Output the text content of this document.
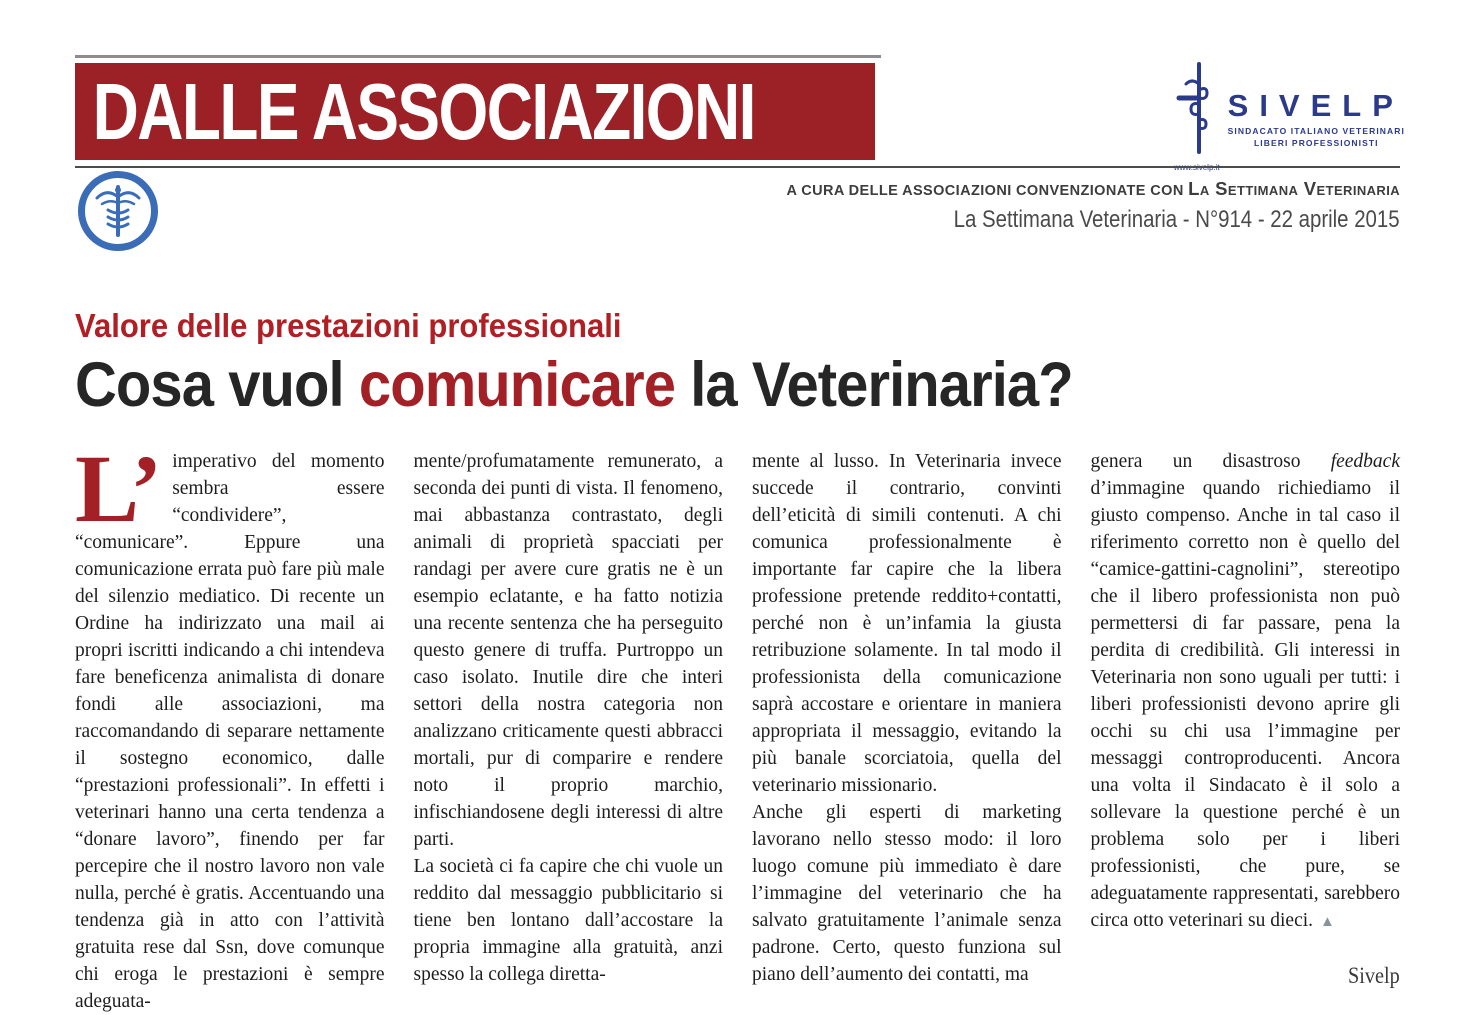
DALLE ASSOCIAZIONI	SIVELP
SINDACATO ITALIANO VETERINARI
LIBERI PROFESSIONISTI
A CURA DELLE ASSOCIAZIONI CONVENZIONATE CON La Settimana Veterinaria
La Settimana Veterinaria - N°914 - 22 aprile 2015
Valore delle prestazioni professionali
Cosa vuol comunicare la Veterinaria?
L’ imperativo del momento sembra essere “condividere”, “comunicare”. Eppure una comunicazione errata può fare più male del silenzio mediatico. Di recente un Ordine ha indirizzato una mail ai propri iscritti indicando a chi intendeva fare beneficenza animalista di donare fondi alle associazioni, ma raccomandando di separare nettamente il sostegno economico, dalle “prestazioni professionali”. In effetti i veterinari hanno una certa tendenza a “donare lavoro”, finendo per far percepire che il nostro lavoro non vale nulla, perché è gratis. Accentuando una tendenza già in atto con l’attività gratuita rese dal Ssn, dove comunque chi eroga le prestazioni è sempre adeguata-

mente/profumatamente remunerato, a seconda dei punti di vista. Il fenomeno, mai abbastanza contrastato, degli animali di proprietà spacciati per randagi per avere cure gratis ne è un esempio eclatante, e ha fatto notizia una recente sentenza che ha perseguito questo genere di truffa. Purtroppo un caso isolato. Inutile dire che interi settori della nostra categoria non analizzano criticamente questi abbracci mortali, pur di comparire e rendere noto il proprio marchio, infischiandosene degli interessi di altre parti.

La società ci fa capire che chi vuole un reddito dal messaggio pubblicitario si tiene ben lontano dall’accostare la propria immagine alla gratuità, anzi spesso la collega diretta-

mente al lusso. In Veterinaria invece succede il contrario, convinti dell’eticità di simili contenuti. A chi comunica professionalmente è importante far capire che la libera professione pretende reddito+contatti, perché non è un’infamia la giusta retribuzione solamente. In tal modo il professionista della comunicazione saprà accostare e orientare in maniera appropriata il messaggio, evitando la più banale scorciatoia, quella del veterinario missionario.

Anche gli esperti di marketing lavorano nello stesso modo: il loro luogo comune più immediato è dare l’immagine del veterinario che ha salvato gratuitamente l’animale senza padrone. Certo, questo funziona sul piano dell’aumento dei contatti, ma

genera un disastroso feedback d’immagine quando richiediamo il giusto compenso. Anche in tal caso il riferimento corretto non è quello del “camice-gattini-cagnolini”, stereotipo che il libero professionista non può permettersi di far passare, pena la perdita di credibilità. Gli interessi in Veterinaria non sono uguali per tutti: i liberi professionisti devono aprire gli occhi su chi usa l’immagine per messaggi controproducenti. Ancora una volta il Sindacato è il solo a sollevare la questione perché è un problema solo per i liberi professionisti, che pure, se adeguatamente rappresentati, sarebbero circa otto veterinari su dieci. ▲

Sivelp
